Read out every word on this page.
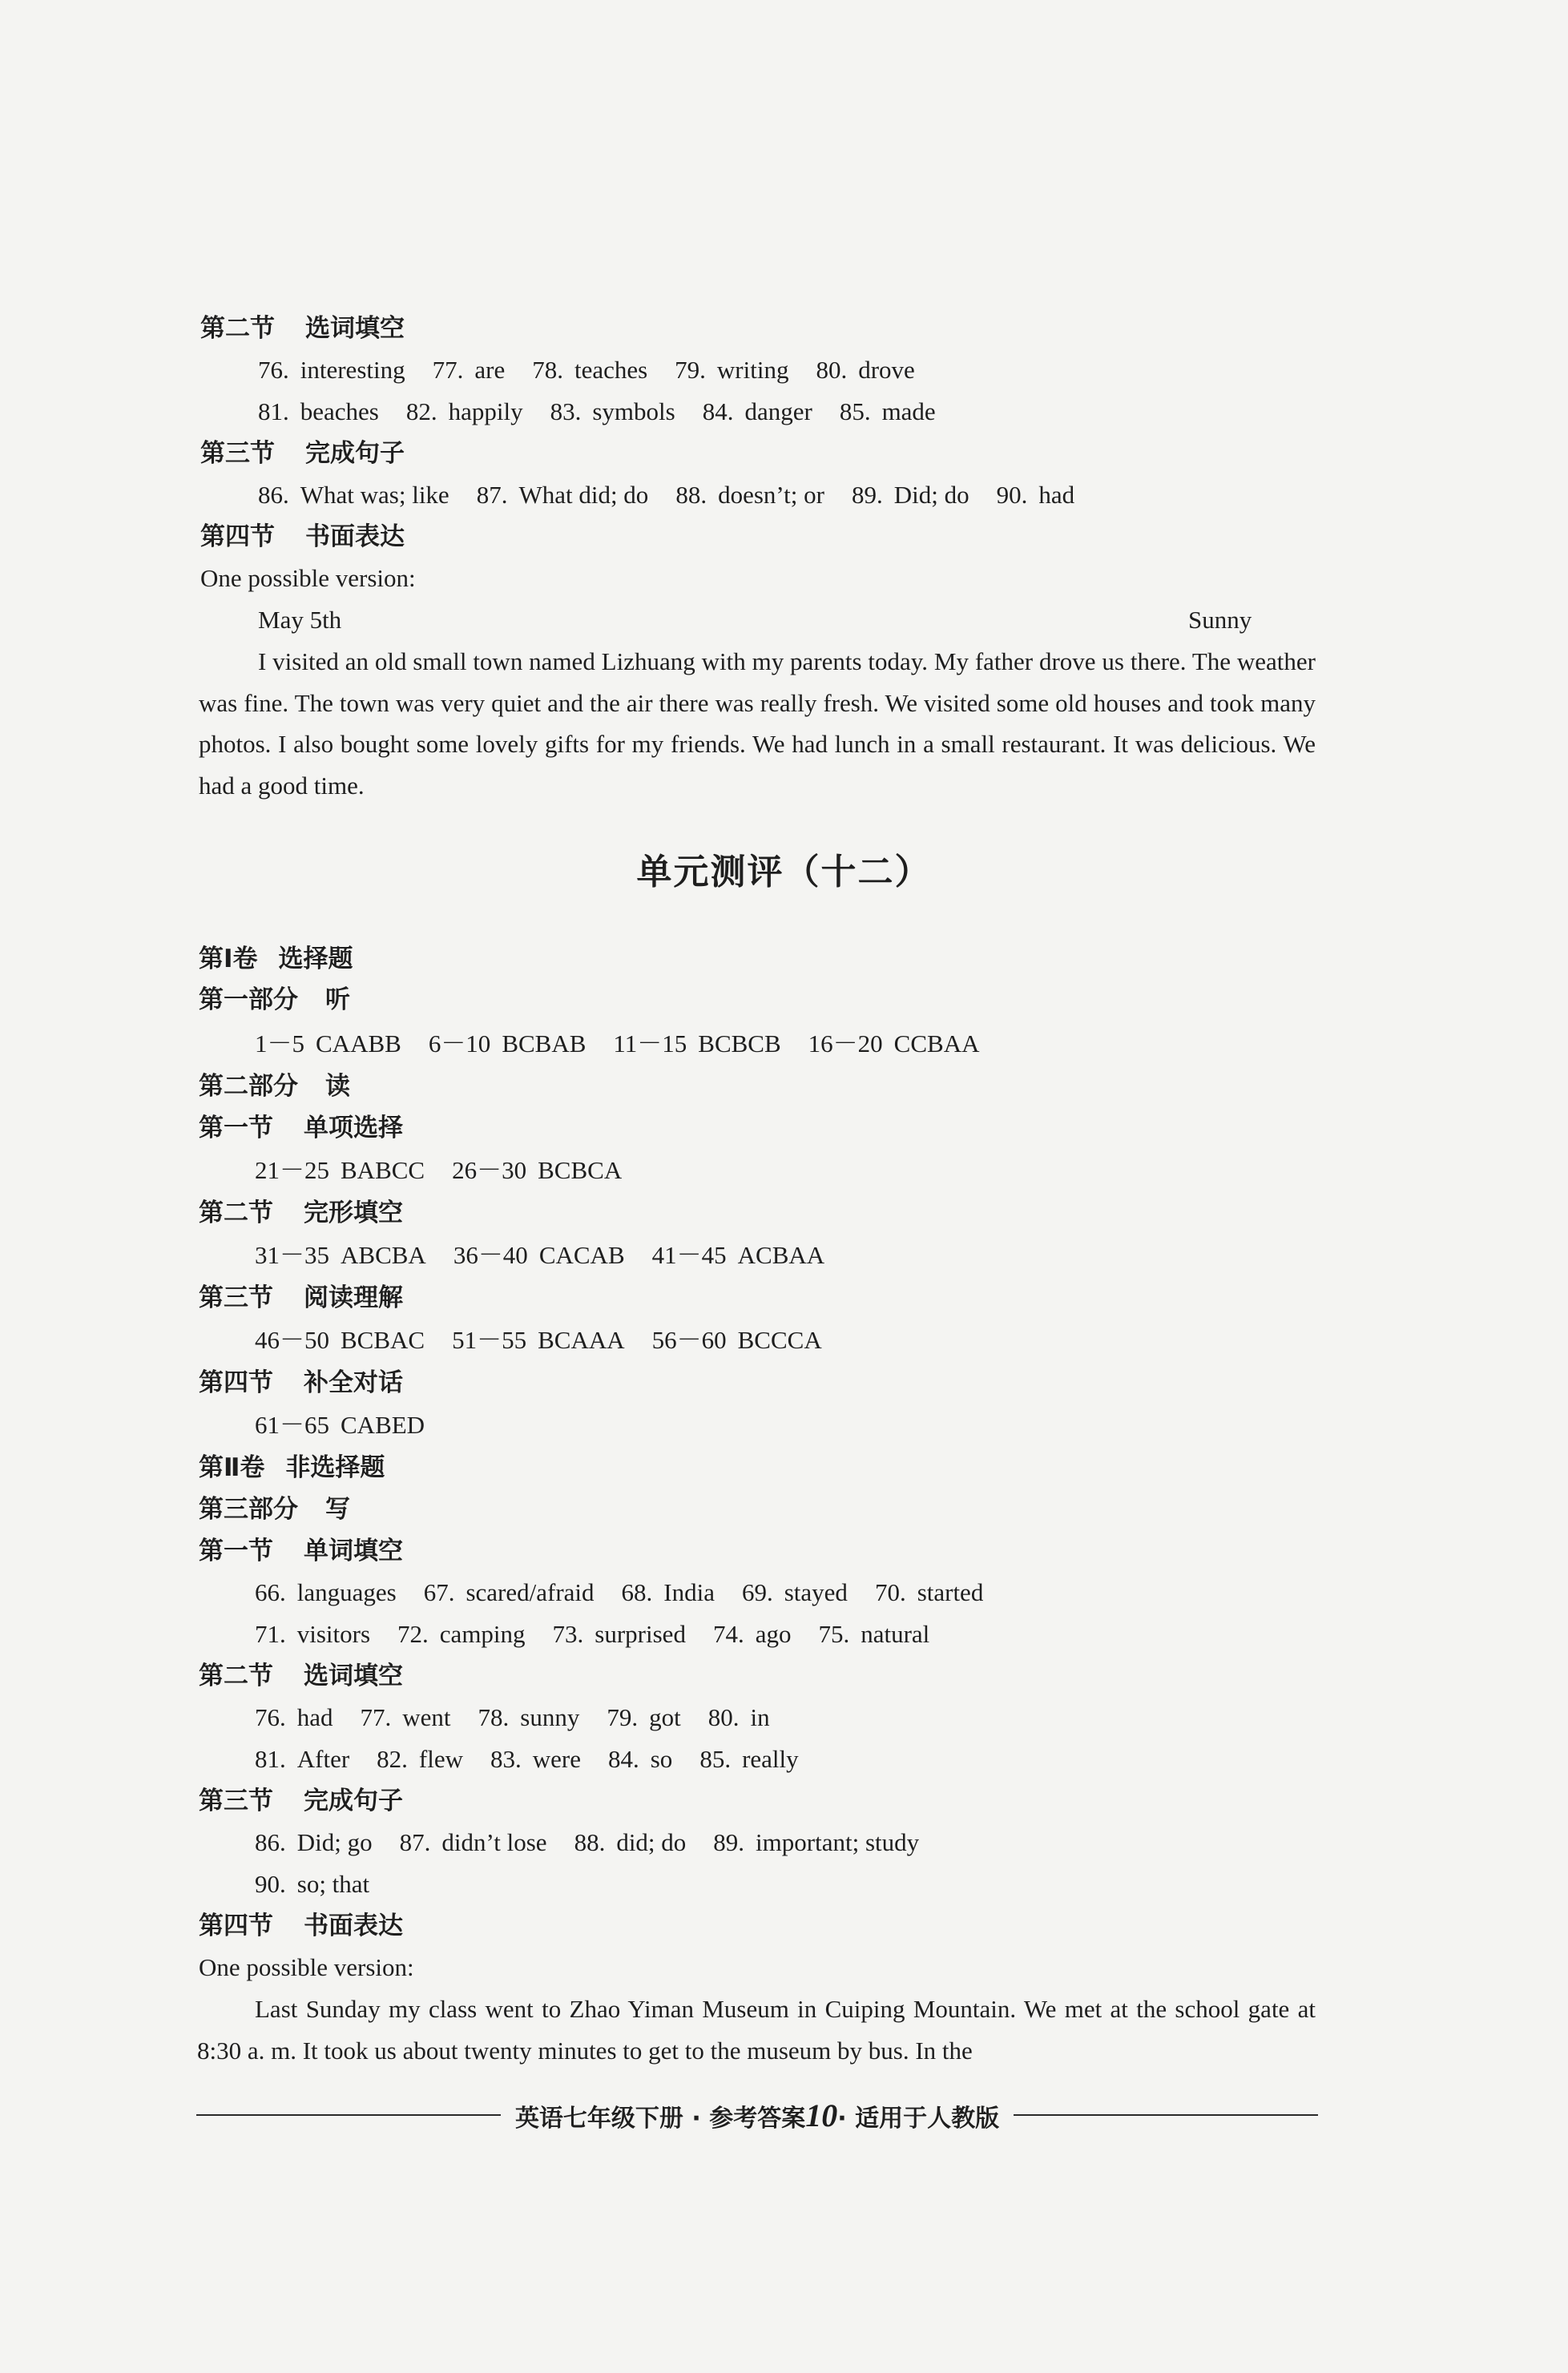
第二节 选词填空
76. interesting 77. are 78. teaches 79. writing 80. drove
81. beaches 82. happily 83. symbols 84. danger 85. made
第三节 完成句子
86. What was; like 87. What did; do 88. doesn’t; or 89. Did; do 90. had
第四节 书面表达
One possible version:
May 5th	Sunny
I visited an old small town named Lizhuang with my parents today. My father drove us there. The weather was fine. The town was very quiet and the air there was really fresh. We visited some old houses and took many photos. I also bought some lovely gifts for my friends. We had lunch in a small restaurant. It was delicious. We had a good time.
单元测评（十二）
第Ⅰ卷 选择题
第一部分 听
1－5 CAABB 6－10 BCBAB 11－15 BCBCB 16－20 CCBAA
第二部分 读
第一节 单项选择
21－25 BABCC 26－30 BCBCA
第二节 完形填空
31－35 ABCBA 36－40 CACAB 41－45 ACBAA
第三节 阅读理解
46－50 BCBAC 51－55 BCAAA 56－60 BCCCA
第四节 补全对话
61－65 CABED
第Ⅱ卷 非选择题
第三部分 写
第一节 单词填空
66. languages 67. scared/afraid 68. India 69. stayed 70. started
71. visitors 72. camping 73. surprised 74. ago 75. natural
第二节 选词填空
76. had 77. went 78. sunny 79. got 80. in
81. After 82. flew 83. were 84. so 85. really
第三节 完成句子
86. Did; go 87. didn’t lose 88. did; do 89. important; study
90. so; that
第四节 书面表达
One possible version:
Last Sunday my class went to Zhao Yiman Museum in Cuiping Mountain. We met at the school gate at 8:30 a. m. It took us about twenty minutes to get to the museum by bus. In the
英语七年级下册 · 参考答案10· 适用于人教版
